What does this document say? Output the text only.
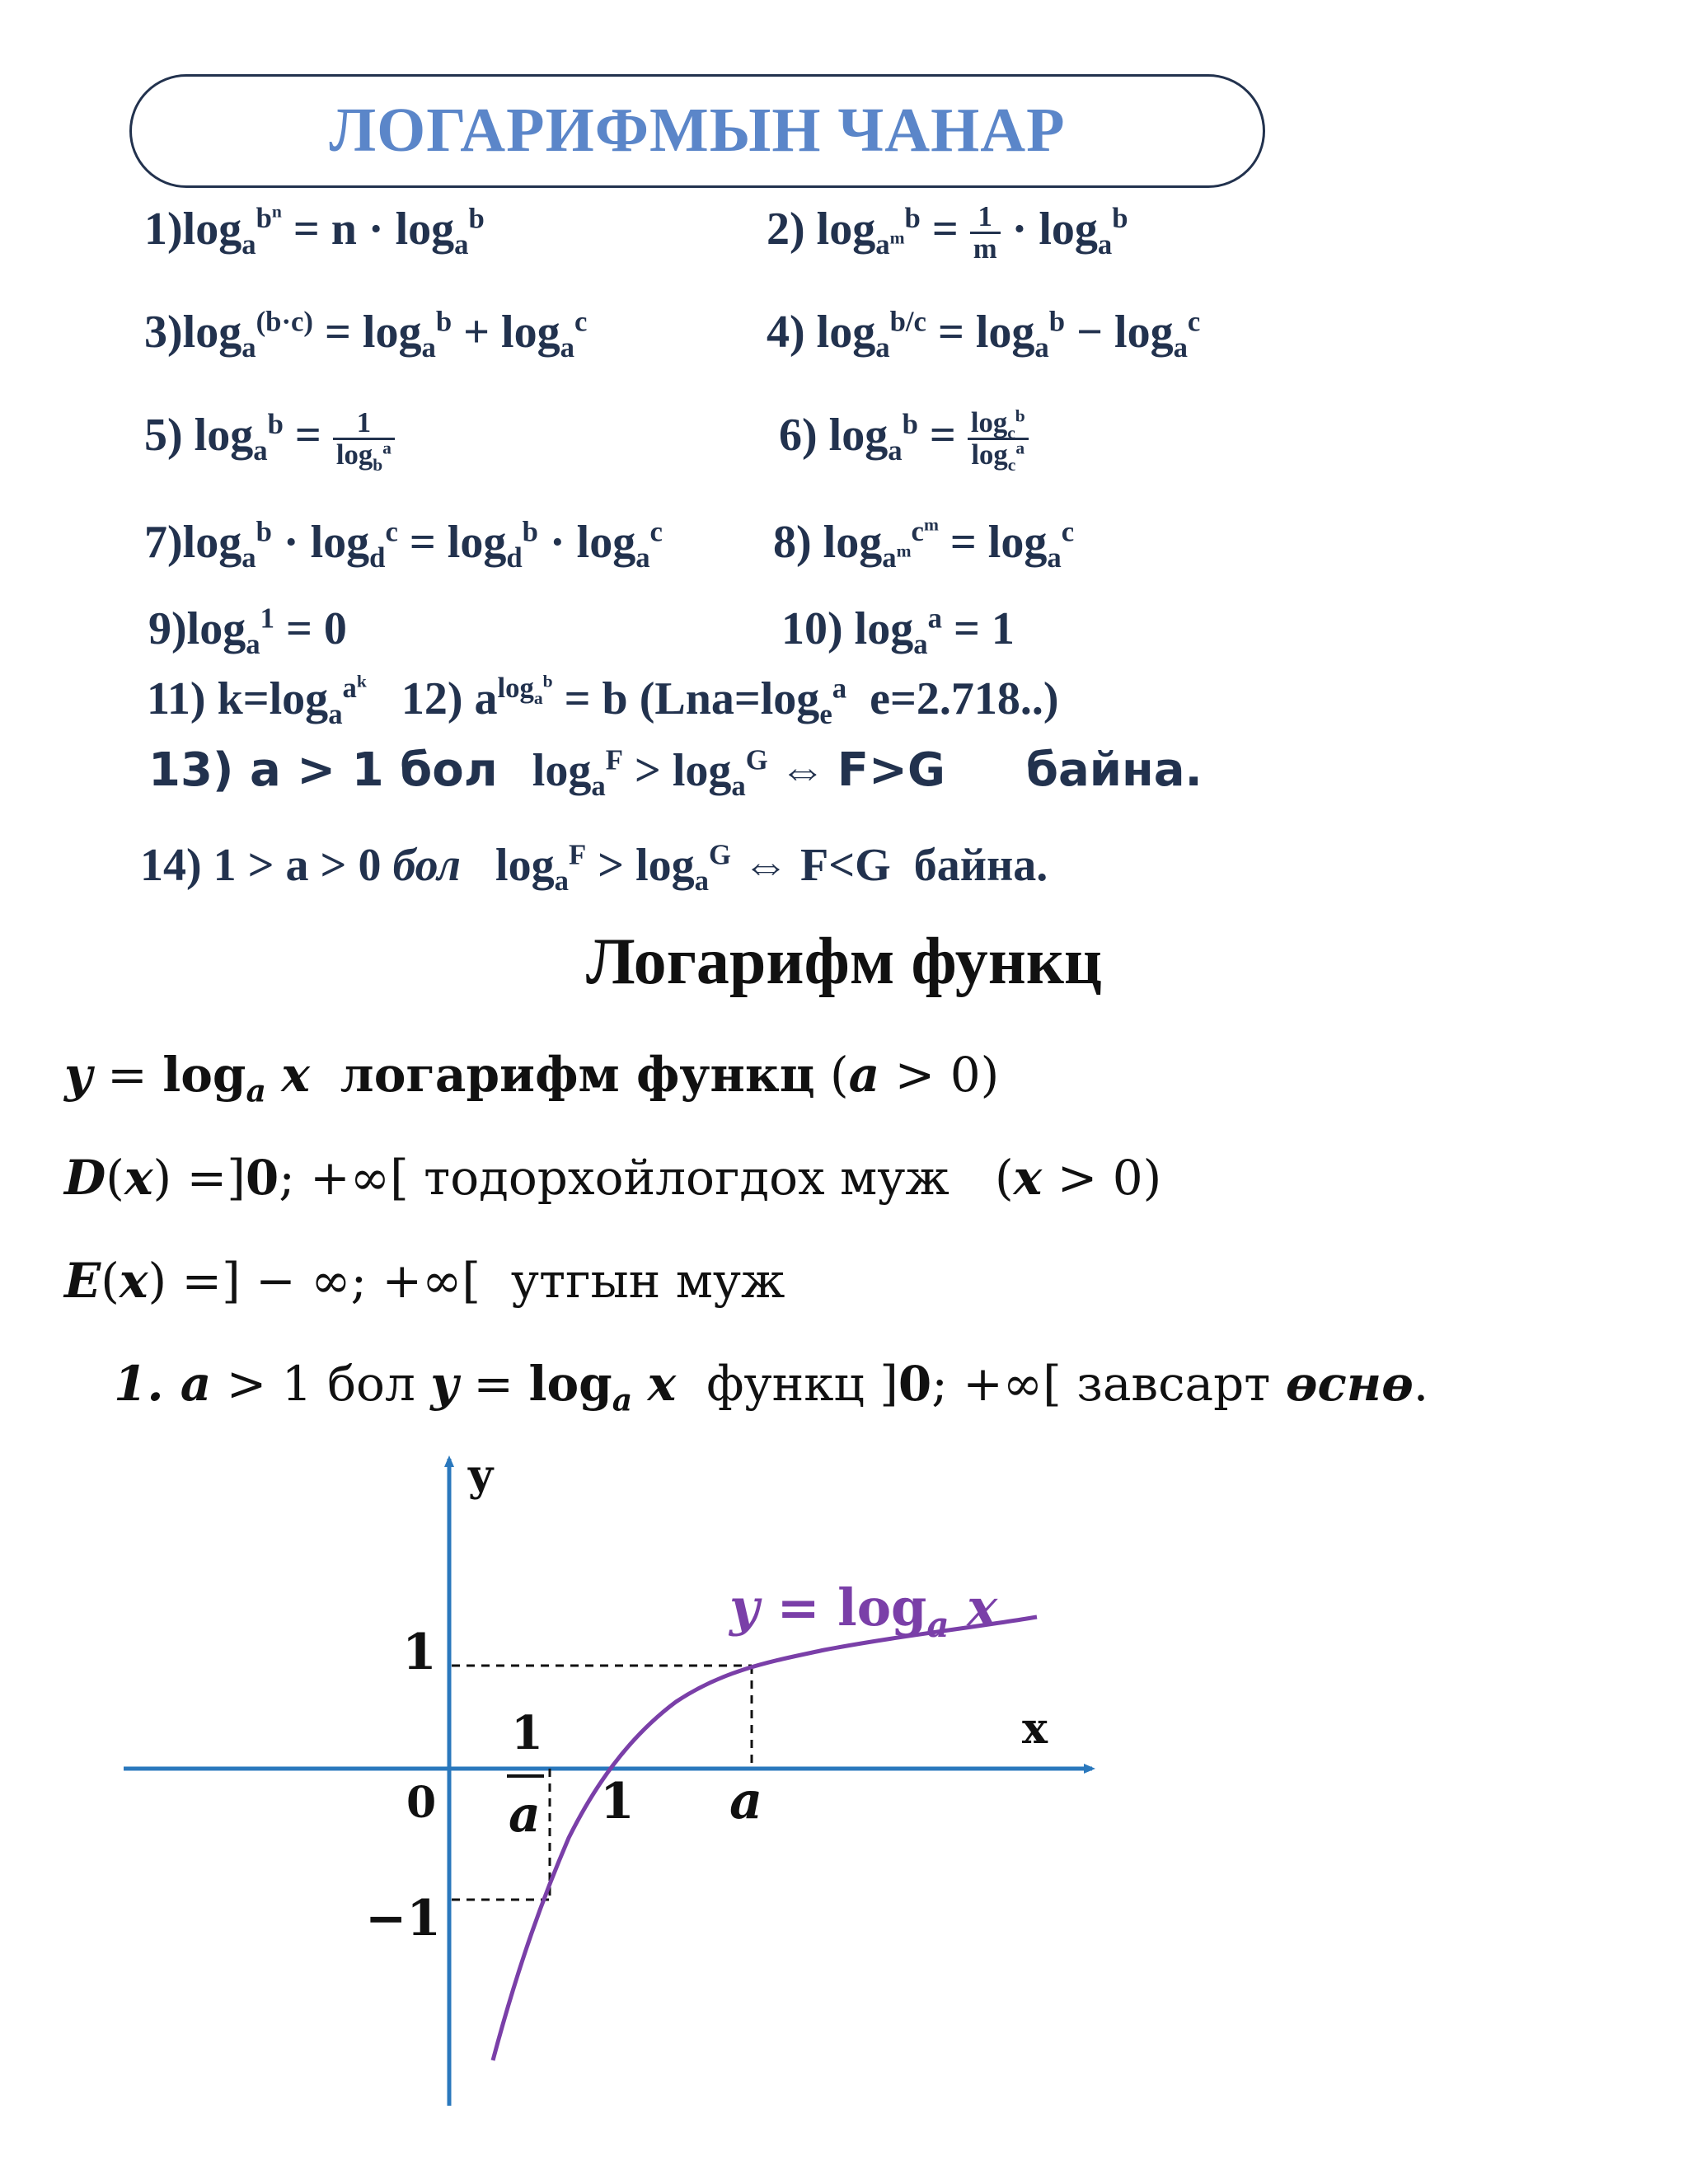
ЛОГАРИФМЫН ЧАНАР
$1)\log_a^{b^n} = n \cdot \log_a^b$	2) $\log_{a^m}^b = \frac{1}{m} \cdot \log_a^b$
$3)\log_a^{(b\cdot c)} = \log_a^b + \log_a^c$	4) $\log_a^{b/c} = \log_a^b - \log_a^c$
5) $\log_a^b = \frac{1}{\log_b^a}$	6) $\log_a^b = \frac{\log_c^b}{\log_c^a}$
$7)\log_a^b \cdot \log_d^c = \log_d^b \cdot \log_a^c 8$) $\log_{a^m}^{c^m} = \log_a^c$
$9)\log_a^1 = 0$	10) $\log_a^a = 1$
11) $k=\log_a^{a^k}$ 12) $a^{log_a^b} = b$ ($Lna=\log_e^a$ e=2.718..)
13) a > 1 бол   $\log_a^F > \log_a^G$ ⇔ F>G байна.
14) 1 > a > 0 бол   $\log_a^F > \log_a^G$ ⇔ F<G байна.
Логарифм функц
$y = \log_a x$ логарифм функц (a > 0)
D(x) =]0; +∞[ тодорхойлогдох муж   (x > 0)
E(x) =] − ∞; +∞[  утгын муж
1. a > 1 бол $y = \log_a x$ функц ]0; +∞[ завсарт өснө.
y
x
0
1
−1
1 a
1
a
$y = \log_a x$
